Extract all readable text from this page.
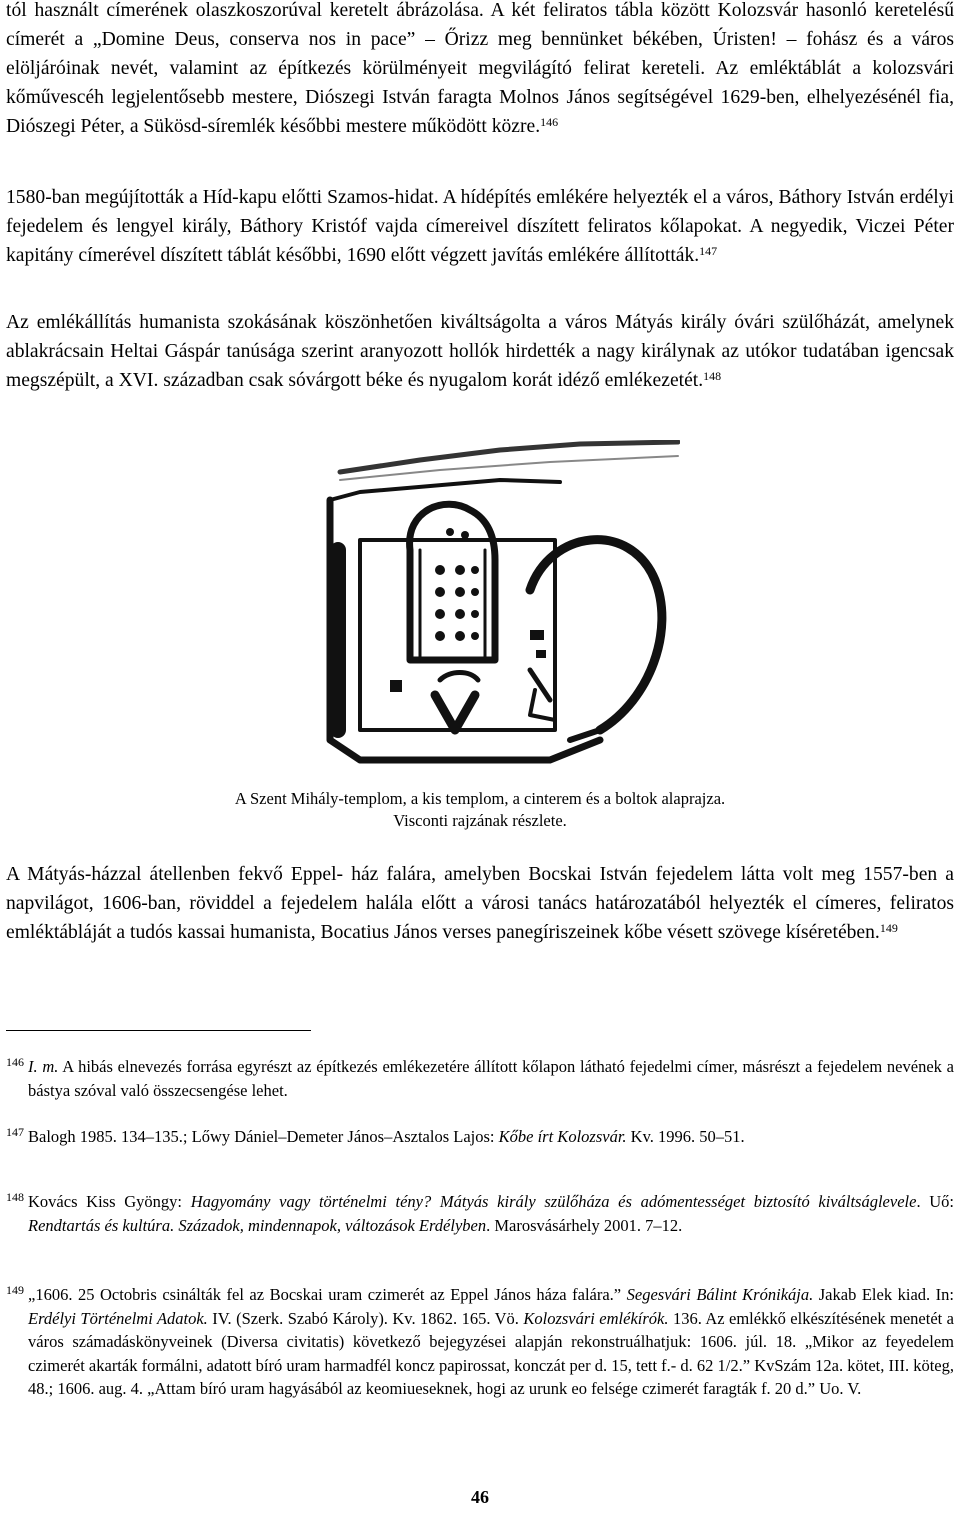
tól használt címerének olaszkoszorúval keretelt ábrázolása. A két feliratos tábla között Kolozsvár hasonló keretelésű címerét a „Domine Deus, conserva nos in pace” – Őrizz meg bennünket békében, Úristen! – fohász és a város elöljáróinak nevét, valamint az építkezés körülményeit megvilágító felirat kereteli. Az emléktáblát a kolozsvári kőművescéh legjelentősebb mestere, Diószegi István faragta Molnos János segítségével 1629-ben, elhelyezésénél fia, Diószegi Péter, a Sükösd-síremlék későbbi mestere működött közre.$^{146}$

1580-ban megújították a Híd-kapu előtti Szamos-hidat. A hídépítés emlékére helyezték el a város, Báthory István erdélyi fejedelem és lengyel király, Báthory Kristóf vajda címereivel díszített feliratos kőlapokat. A negyedik, Viczei Péter kapitány címerével díszített táblát későbbi, 1690 előtt végzett javítás emlékére állították.$^{147}$

Az emlékállítás humanista szokásának köszönhetően kiváltságolta a város Mátyás király óvári szülőházát, amelynek ablakrácsain Heltai Gáspár tanúsága szerint aranyozott hollók hirdették a nagy királynak az utókor tudatában igencsak megszépült, a XVI. században csak sóvárgott béke és nyugalom korát idéző emlékezetét.$^{148}$

A Szent Mihály-templom, a kis templom, a cinterem és a boltok alaprajza.
Visconti rajzának részlete.

A Mátyás-házzal átellenben fekvő Eppel- ház falára, amelyben Bocskai István fejedelem látta volt meg 1557-ben a napvilágot, 1606-ban, röviddel a fejedelem halála előtt a városi tanács határozatából helyezték el címeres, feliratos emléktábláját a tudós kassai humanista, Bocatius János verses panegíriszeinek kőbe vésett szövege kíséretében.$^{149}$

146 I. m. A hibás elnevezés forrása egyrészt az építkezés emlékezetére állított kőlapon látható fejedelmi címer, másrészt a fejedelem nevének a bástya szóval való összecsengése lehet.
147 Balogh 1985. 134–135.; Lőwy Dániel–Demeter János–Asztalos Lajos: Kőbe írt Kolozsvár. Kv. 1996. 50–51.
148 Kovács Kiss Gyöngy: Hagyomány vagy történelmi tény? Mátyás király szülőháza és adómentességet biztosító kiváltságlevele. Uő: Rendtartás és kultúra. Századok, mindennapok, változások Erdélyben. Marosvásárhely 2001. 7–12.
149 „1606. 25 Octobris csinálták fel az Bocskai uram czimerét az Eppel János háza falára.” Segesvári Bálint Krónikája. Jakab Elek kiad. In: Erdélyi Történelmi Adatok. IV. (Szerk. Szabó Károly). Kv. 1862. 165. Vö. Kolozsvári emlékírók. 136. Az emlékkő elkészítésének menetét a város számadáskönyveinek (Diversa civitatis) következő bejegyzései alapján rekonstruálhatjuk: 1606. júl. 18. „Mikor az feyedelem czimerét akarták formálni, adatott bíró uram harmadfél koncz papirossat, konczát per d. 15, tett f.- d. 62 1/2.” KvSzám 12a. kötet, III. köteg, 48.; 1606. aug. 4. „Attam bíró uram hagyásából az keomiueseknek, hogi az urunk eo felsége czimerét faragták f. 20 d.” Uo. V.
46
